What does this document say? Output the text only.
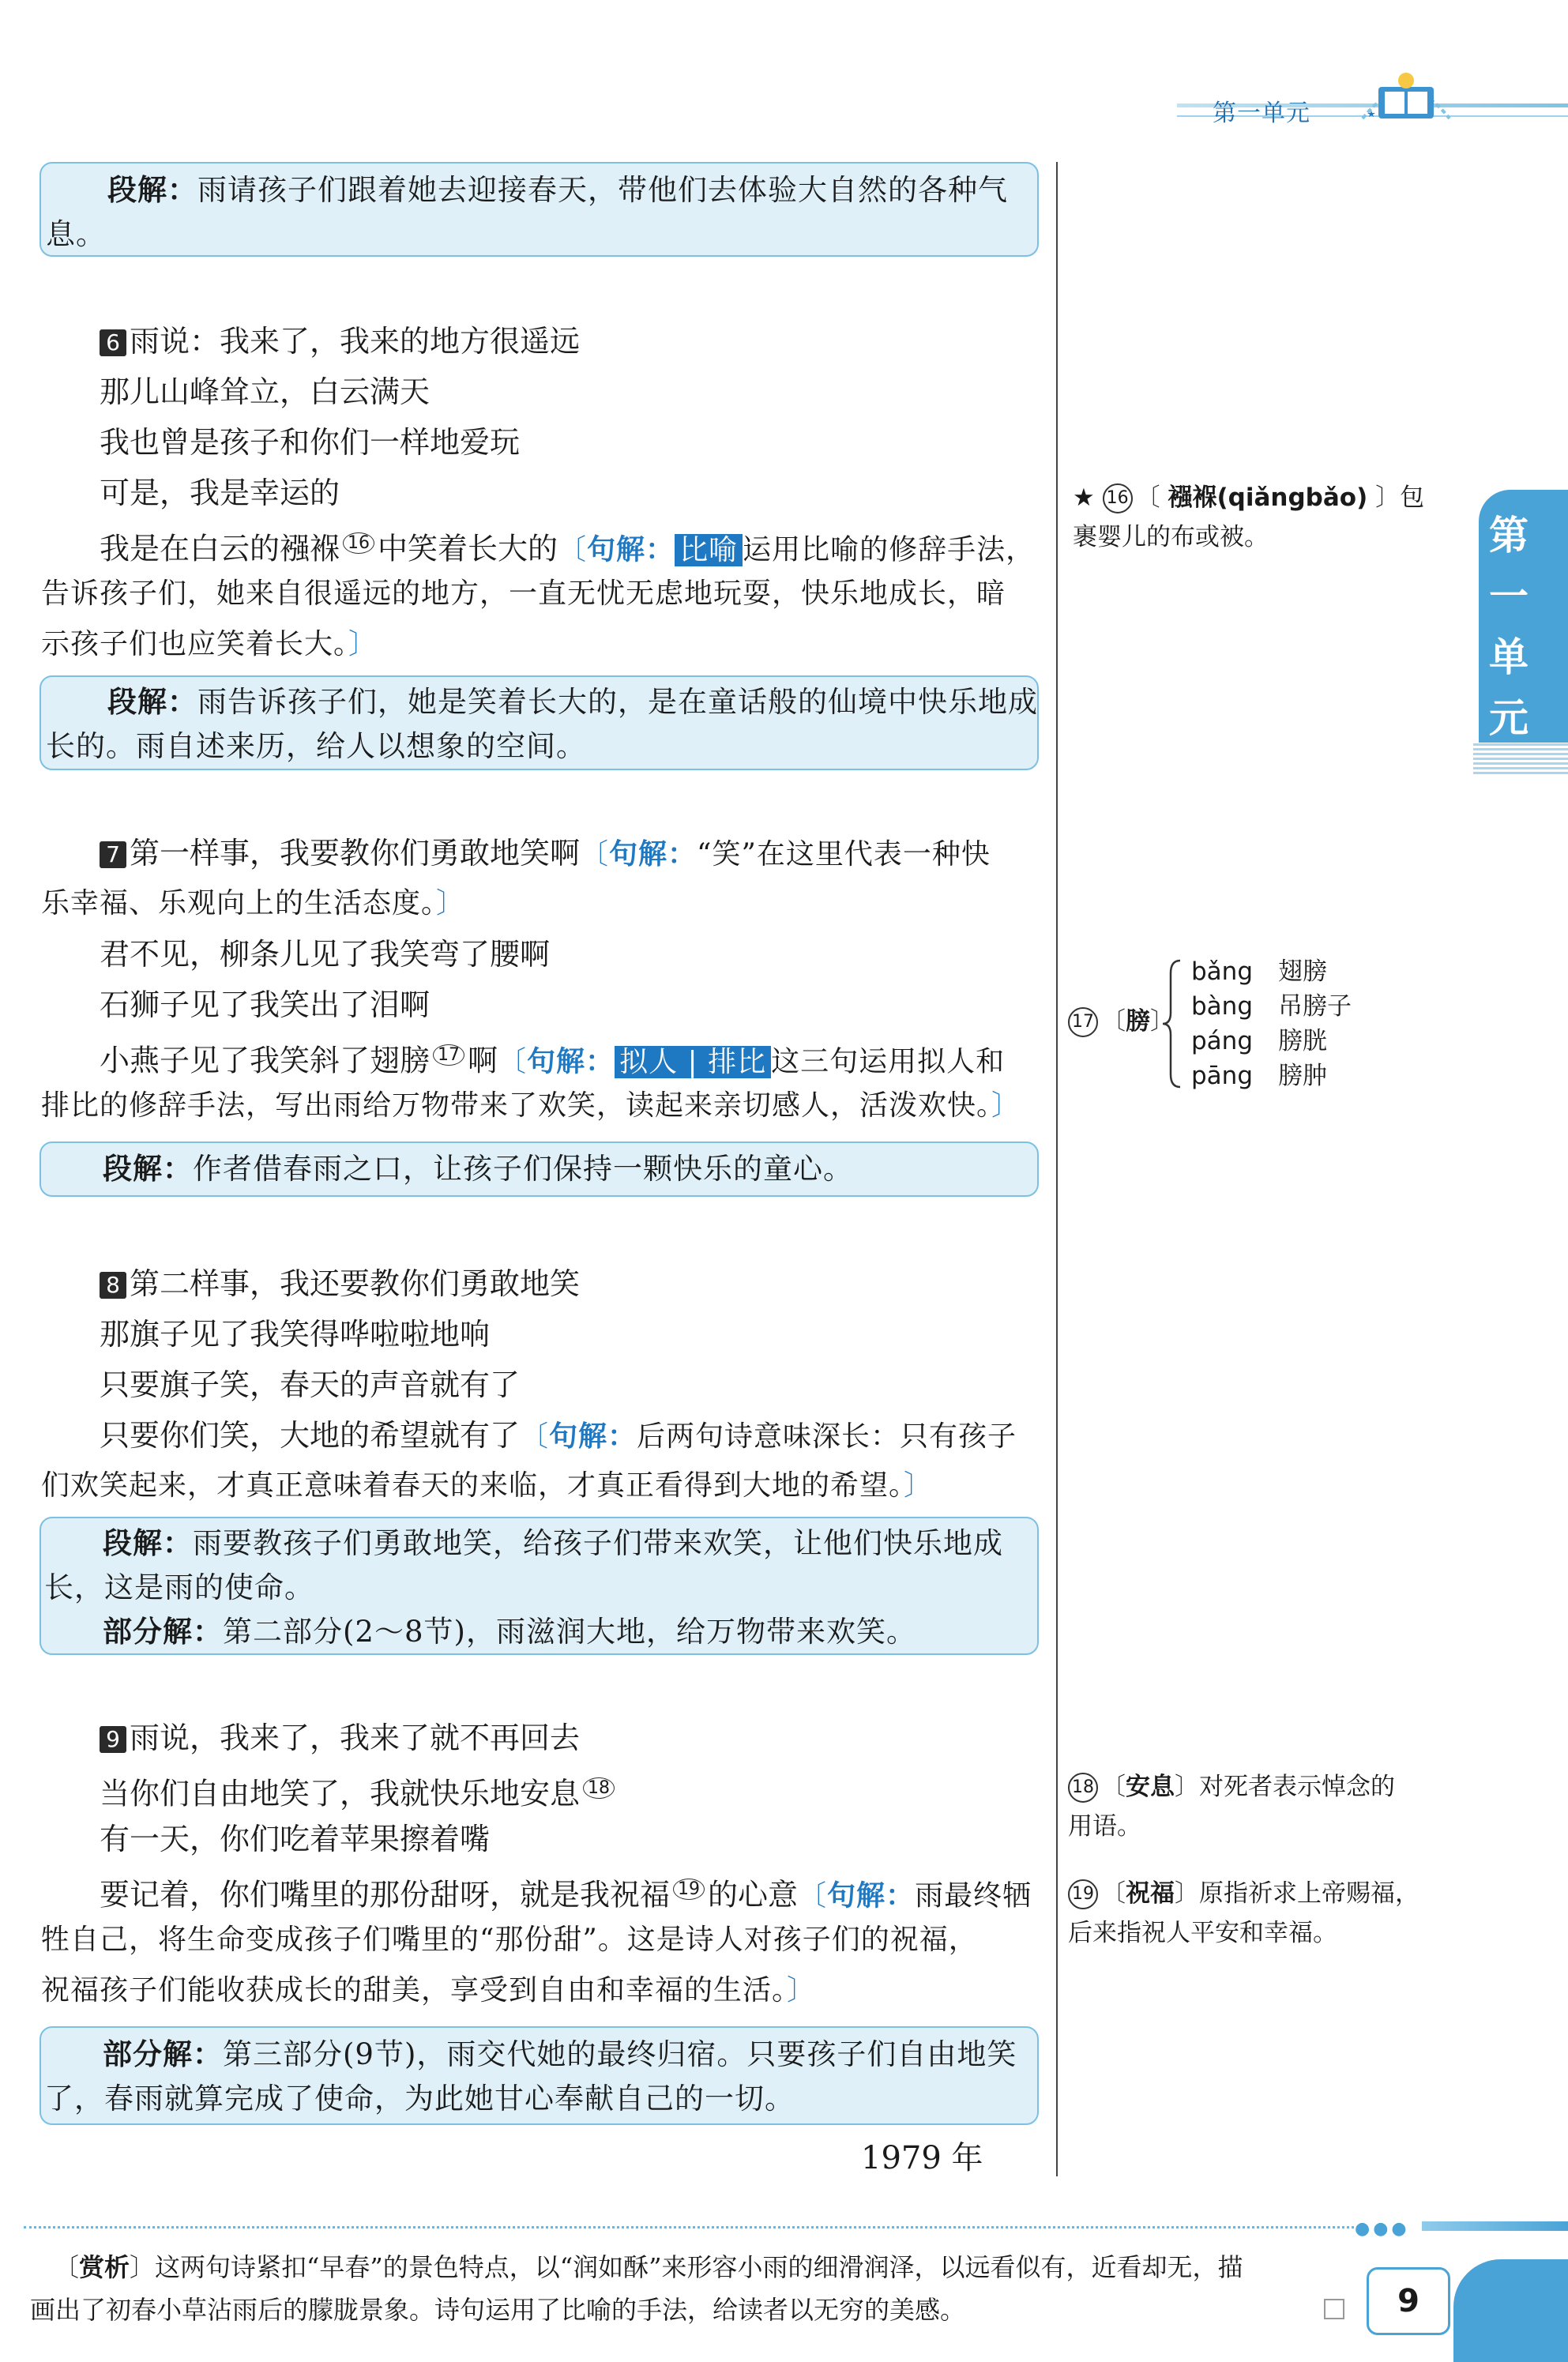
第一单元
第
一
单
元
段解：雨请孩子们跟着她去迎接春天，带他们去体验大自然的各种气
息。
6 雨说：我来了，我来的地方很遥远
那儿山峰耸立，白云满天
我也曾是孩子和你们一样地爱玩
可是，我是幸运的
我是在白云的襁褓 $^{16}$ 中笑着长大的〔句解： 比喻 运用比喻的修辞手法，
告诉孩子们，她来自很遥远的地方，一直无忧无虑地玩耍，快乐地成长，暗
示孩子们也应笑着长大。〕
段解：雨告诉孩子们，她是笑着长大的，是在童话般的仙境中快乐地成
长的。雨自述来历，给人以想象的空间。
7 第一样事，我要教你们勇敢地笑啊〔句解：“笑”在这里代表一种快
乐幸福、乐观向上的生活态度。〕
君不见，柳条儿见了我笑弯了腰啊
石狮子见了我笑出了泪啊
小燕子见了我笑斜了翅膀 $^{17}$ 啊〔句解： 拟人 | 排比 这三句运用拟人和
排比的修辞手法，写出雨给万物带来了欢笑，读起来亲切感人，活泼欢快。〕
段解：作者借春雨之口，让孩子们保持一颗快乐的童心。
8 第二样事，我还要教你们勇敢地笑
那旗子见了我笑得哗啦啦地响
只要旗子笑，春天的声音就有了
只要你们笑，大地的希望就有了〔句解：后两句诗意味深长：只有孩子
们欢笑起来，才真正意味着春天的来临，才真正看得到大地的希望。〕
段解：雨要教孩子们勇敢地笑，给孩子们带来欢笑，让他们快乐地成
长，这是雨的使命。
部分解：第二部分(2～8节)，雨滋润大地，给万物带来欢笑。
9 雨说，我来了，我来了就不再回去
当你们自由地笑了，我就快乐地安息 $^{18}$
有一天，你们吃着苹果擦着嘴
要记着，你们嘴里的那份甜呀，就是我祝福 $^{19}$ 的心意〔句解：雨最终牺
牲自己，将生命变成孩子们嘴里的“那份甜”。这是诗人对孩子们的祝福，
祝福孩子们能收获成长的甜美，享受到自由和幸福的生活。〕
部分解：第三部分(9节)，雨交代她的最终归宿。只要孩子们自由地笑
了，春雨就算完成了使命，为此她甘心奉献自己的一切。
1979 年
★ 16 〔 襁褓(qiǎngbǎo) 〕包
裹婴儿的布或被。
17 〔膀〕
bǎng 翅膀
bàng 吊膀子
páng 膀胱
pāng 膀肿
18 〔安息〕对死者表示悼念的
用语。
19 〔祝福〕原指祈求上帝赐福，
后来指祝人平安和幸福。
●●●
〔赏析〕这两句诗紧扣“早春”的景色特点，以“润如酥”来形容小雨的细滑润泽，以远看似有，近看却无，描
画出了初春小草沾雨后的朦胧景象。诗句运用了比喻的手法，给读者以无穷的美感。	9
